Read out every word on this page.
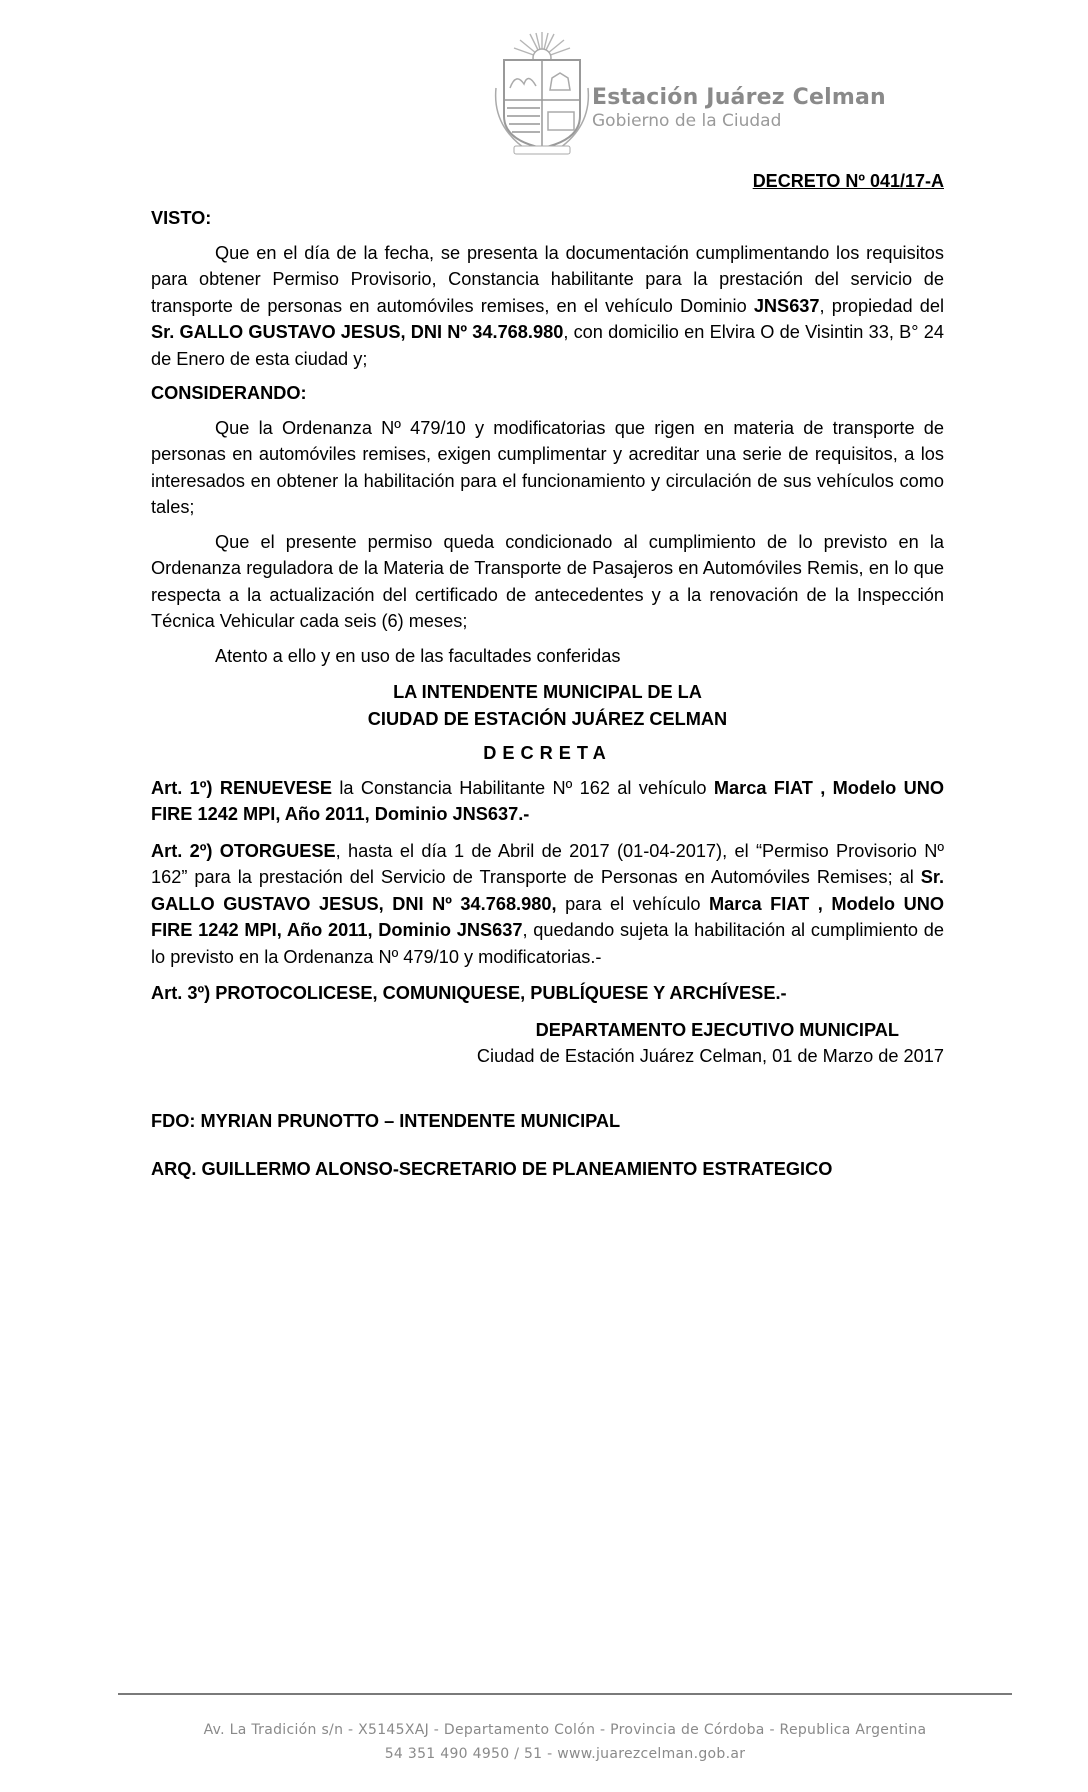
Estación Juárez Celman
Gobierno de la Ciudad
DECRETO Nº 041/17-A

VISTO:

Que en el día de la fecha, se presenta la documentación cumplimentando los requisitos para obtener Permiso Provisorio, Constancia habilitante para la prestación del servicio de transporte de personas en automóviles remises, en el vehículo Dominio JNS637, propiedad del Sr. GALLO GUSTAVO JESUS, DNI Nº 34.768.980, con domicilio en Elvira O de Visintin 33, B° 24 de Enero de esta ciudad y;

CONSIDERANDO:

Que la Ordenanza Nº 479/10 y modificatorias que rigen en materia de transporte de personas en automóviles remises, exigen cumplimentar y acreditar una serie de requisitos, a los interesados en obtener la habilitación para el funcionamiento y circulación de sus vehículos como tales;

Que el presente permiso queda condicionado al cumplimiento de lo previsto en la Ordenanza reguladora de la Materia de Transporte de Pasajeros en Automóviles Remis, en lo que respecta a la actualización del certificado de antecedentes y a la renovación de la Inspección Técnica Vehicular cada seis (6) meses;

Atento a ello y en uso de las facultades conferidas

LA INTENDENTE MUNICIPAL DE LA

CIUDAD DE ESTACIÓN JUÁREZ CELMAN

DECRETA

Art. 1º) RENUEVESE la Constancia Habilitante Nº 162 al vehículo Marca FIAT , Modelo UNO FIRE 1242 MPI, Año 2011, Dominio JNS637.-

Art. 2º) OTORGUESE, hasta el día 1 de Abril de 2017 (01-04-2017), el “Permiso Provisorio Nº 162” para la prestación del Servicio de Transporte de Personas en Automóviles Remises; al Sr. GALLO GUSTAVO JESUS, DNI Nº 34.768.980, para el vehículo Marca FIAT , Modelo UNO FIRE 1242 MPI, Año 2011, Dominio JNS637, quedando sujeta la habilitación al cumplimiento de lo previsto en la Ordenanza Nº 479/10 y modificatorias.-

Art. 3º) PROTOCOLICESE, COMUNIQUESE, PUBLÍQUESE Y ARCHÍVESE.-

DEPARTAMENTO EJECUTIVO MUNICIPAL

Ciudad de Estación Juárez Celman, 01 de Marzo de 2017

FDO: MYRIAN PRUNOTTO – INTENDENTE MUNICIPAL

ARQ. GUILLERMO ALONSO-SECRETARIO DE PLANEAMIENTO ESTRATEGICO

Av. La Tradición s/n - X5145XAJ - Departamento Colón - Provincia de Córdoba - Republica Argentina
54 351 490 4950 / 51 - www.juarezcelman.gob.ar
